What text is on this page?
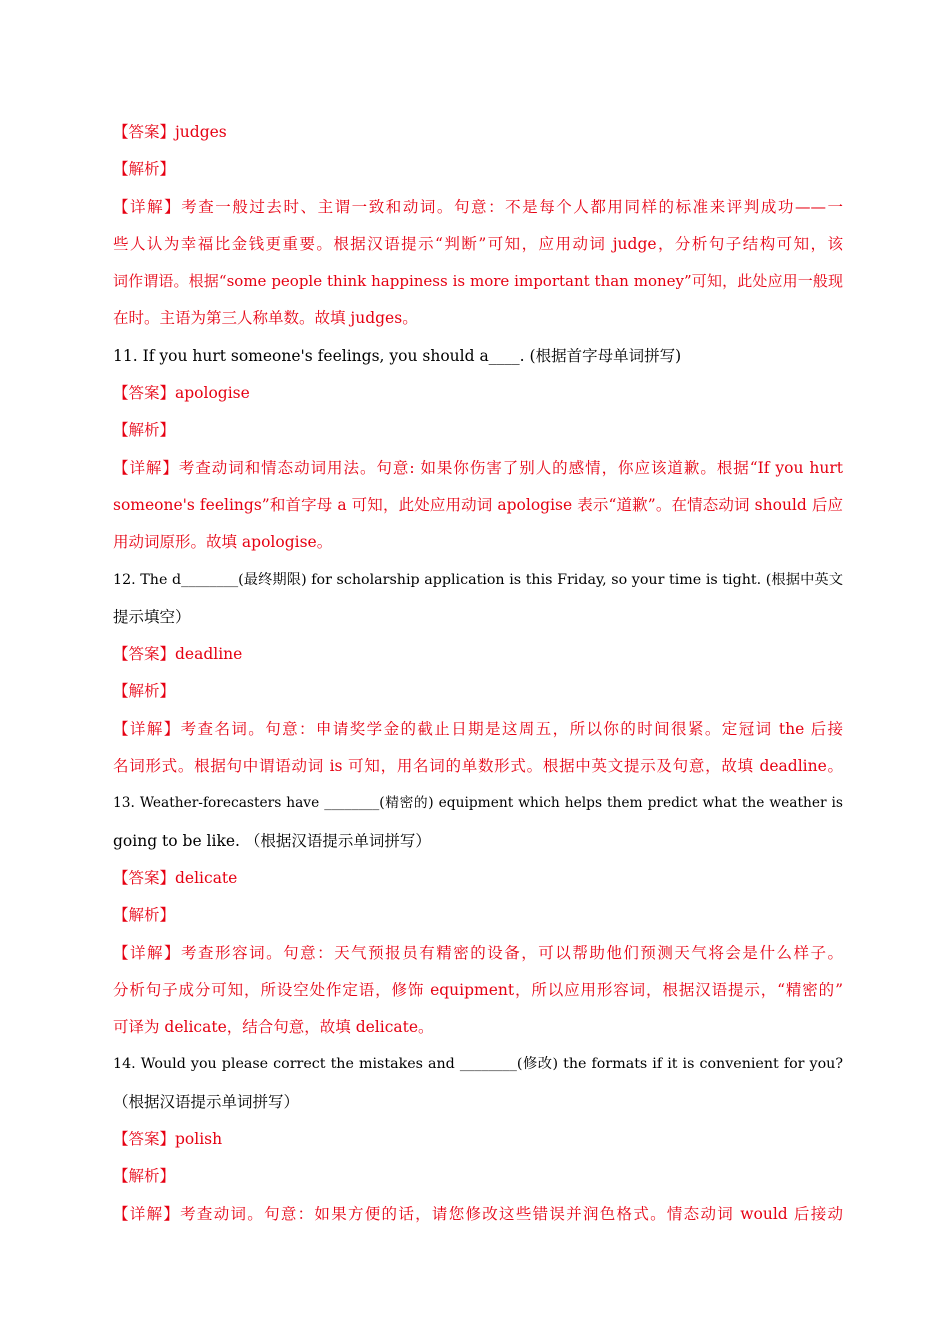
【答案】judges
【解析】
【详解】考查一般过去时、主谓一致和动词。句意：不是每个人都用同样的标准来评判成功——一
些人认为幸福比金钱更重要。根据汉语提示“判断”可知，应用动词 judge，分析句子结构可知，该
词作谓语。根据“some people think happiness is more important than money”可知，此处应用一般现
在时。主语为第三人称单数。故填 judges。
11. If you hurt someone's feelings, you should a____. (根据首字母单词拼写)
【答案】apologise
【解析】
【详解】考查动词和情态动词用法。句意: 如果你伤害了别人的感情，你应该道歉。根据“If you hurt
someone's feelings”和首字母 a 可知，此处应用动词 apologise 表示“道歉”。在情态动词 should 后应
用动词原形。故填 apologise。
12. The d________(最终期限) for scholarship application is this Friday, so your time is tight. (根据中英文
提示填空）
【答案】deadline
【解析】
【详解】考查名词。句意：申请奖学金的截止日期是这周五，所以你的时间很紧。定冠词 the 后接
名词形式。根据句中谓语动词 is 可知，用名词的单数形式。根据中英文提示及句意，故填 deadline。
13. Weather-forecasters have ________(精密的) equipment which helps them predict what the weather is
going to be like. （根据汉语提示单词拼写）
【答案】delicate
【解析】
【详解】考查形容词。句意：天气预报员有精密的设备，可以帮助他们预测天气将会是什么样子。
分析句子成分可知，所设空处作定语，修饰 equipment，所以应用形容词，根据汉语提示，“精密的”
可译为 delicate，结合句意，故填 delicate。
14. Would you please correct the mistakes and ________(修改) the formats if it is convenient for you?
（根据汉语提示单词拼写）
【答案】polish
【解析】
【详解】考查动词。句意：如果方便的话，请您修改这些错误并润色格式。情态动词 would 后接动
